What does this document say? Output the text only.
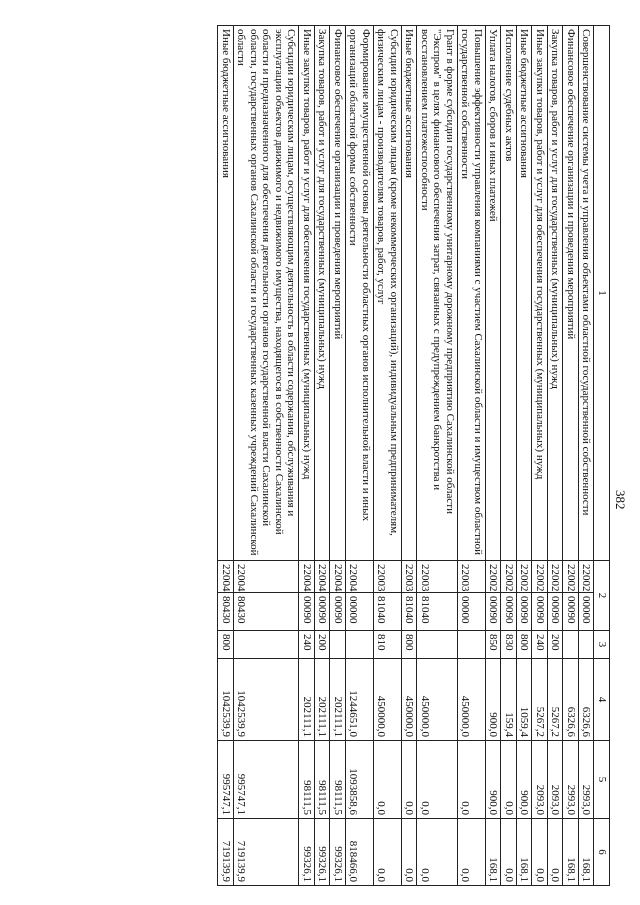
382
1	2		3	4	5	6
Совершенствование системы учета и управления объектами областной государственной собственности	22002	00000		6326,6	2993,0	168,1
Финансовое обеспечение организации и проведения мероприятий	22002	00090		6326,6	2993,0	168,1
Закупка товаров, работ и услуг для государственных (муниципальных) нужд	22002	00090	200	5267,2	2093,0	0,0
Иные закупки товаров, работ и услуг для обеспечения государственных (муниципальных) нужд	22002	00090	240	5267,2	2093,0	0,0
Иные бюджетные ассигнования	22002	00090	800	1059,4	900,0	168,1
Исполнение судебных актов	22002	00090	830	159,4	0,0	0,0
Уплата налогов, сборов и иных платежей	22002	00090	850	900,0	900,0	168,1
Повышение эффективности управления компаниями с участием Сахалинской области и имуществом областной государственной собственности	22003	00000		450000,0	0,0	0,0
Грант в форме субсидии государственному унитарному дорожному предприятию Сахалинской области "Экспром" в целях финансового обеспечения затрат, связанных с предупреждением банкротства и восстановлением платежеспособности	22003	81040		450000,0	0,0	0,0
Иные бюджетные ассигнования	22003	81040	800	450000,0	0,0	0,0
Субсидии юридическим лицам (кроме некоммерческих организаций), индивидуальным предпринимателям, физическим лицам - производителям товаров, работ, услуг	22003	81040	810	450000,0	0,0	0,0
Формирование имущественной основы деятельности областных органов исполнительной власти и иных организаций областной формы собственности	22004	00000		1244651,0	1093858,6	818466,0
Финансовое обеспечение организации и проведения мероприятий	22004	00090		202111,1	98111,5	99326,1
Закупка товаров, работ и услуг для государственных (муниципальных) нужд	22004	00090	200	202111,1	98111,5	99326,1
Иные закупки товаров, работ и услуг для обеспечения государственных (муниципальных) нужд	22004	00090	240	202111,1	98111,5	99326,1
Субсидии юридическим лицам, осуществляющим деятельность в области содержания, обслуживания и эксплуатации объектов движимого и недвижимого имущества, находящегося в собственности Сахалинской области и предназначенного для обеспечения деятельности органов государственной власти Сахалинской области, государственных органов Сахалинской области и государственных казенных учреждений Сахалинской области	22004	80430		1042539,9	995747,1	719139,9
Иные бюджетные ассигнования	22004	80430	800	1042539,9	995747,1	719139,9
